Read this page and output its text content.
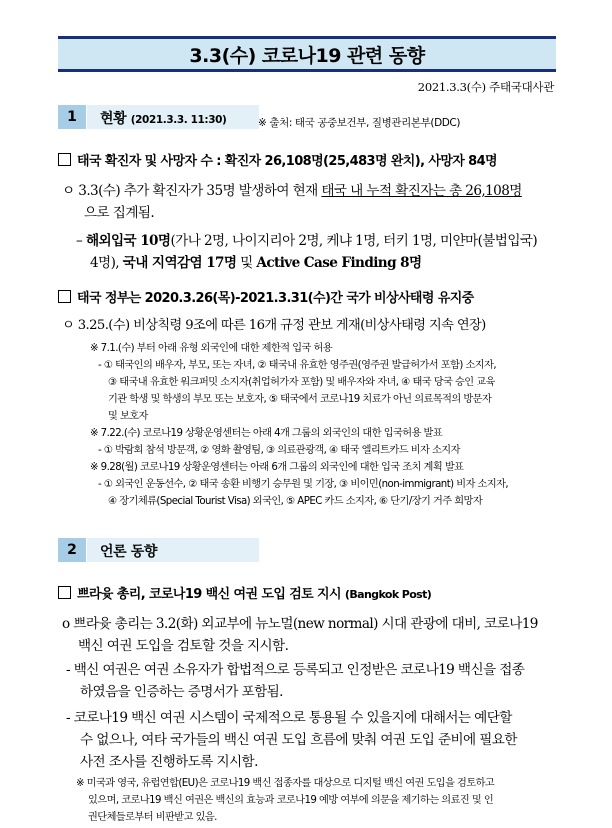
3.3(수) 코로나19 관련 동향
2021.3.3(수) 주태국대사관
1	현황 (2021.3.3. 11:30)	※ 출처: 태국 공중보건부, 질병관리본부(DDC)
태국 확진자 및 사망자 수 : 확진자 26,108명(25,483명 완치), 사망자 84명
ㅇ 3.3(수) 추가 확진자가 35명 발생하여 현재 태국 내 누적 확진자는 총 26,108명
으로 집계됨.
– 해외입국 10명(가나 2명, 나이지리아 2명, 케냐 1명, 터키 1명, 미얀마(불법입국)
4명), 국내 지역감염 17명 및 Active Case Finding 8명
태국 정부는 2020.3.26(목)-2021.3.31(수)간 국가 비상사태령 유지중
ㅇ 3.25.(수) 비상칙령 9조에 따른 16개 규정 관보 게재(비상사태령 지속 연장)
※ 7.1.(수) 부터 아래 유형 외국인에 대한 제한적 입국 허용
- ① 태국인의 배우자, 부모, 또는 자녀, ② 태국내 유효한 영주권(영주권 발급허가서 포함) 소지자,
③ 태국내 유효한 워크퍼밋 소지자(취업허가자 포함) 및 배우자와 자녀, ④ 태국 당국 승인 교육
기관 학생 및 학생의 부모 또는 보호자, ⑤ 태국에서 코로나19 치료가 아닌 의료목적의 방문자
및 보호자
※ 7.22.(수) 코로나19 상황운영센터는 아래 4개 그룹의 외국인의 대한 입국허용 발표
- ① 박람회 참석 방문객, ② 영화 촬영팀, ③ 의료관광객, ④ 태국 엘리트카드 비자 소지자
※ 9.28(월) 코로나19 상황운영센터는 아래 6개 그룹의 외국인에 대한 입국 조치 계획 발표
- ① 외국인 운동선수, ② 태국 송환 비행기 승무원 및 기장, ③ 비이민(non-immigrant) 비자 소지자,
④ 장기체류(Special Tourist Visa) 외국인, ⑤ APEC 카드 소지자, ⑥ 단기/장기 거주 희망자
2	언론 동향
쁘라윳 총리, 코로나19 백신 여권 도입 검토 지시 (Bangkok Post)
o 쁘라윳 총리는 3.2(화) 외교부에 뉴노멀(new normal) 시대 관광에 대비, 코로나19
백신 여권 도입을 검토할 것을 지시함.
- 백신 여권은 여권 소유자가 합법적으로 등록되고 인정받은 코로나19 백신을 접종
하였음을 인증하는 증명서가 포함됨.
- 코로나19 백신 여권 시스템이 국제적으로 통용될 수 있을지에 대해서는 예단할
수 없으나, 여타 국가들의 백신 여권 도입 흐름에 맞춰 여권 도입 준비에 필요한
사전 조사를 진행하도록 지시함.
※ 미국과 영국, 유럽연합(EU)은 코로나19 백신 접종자를 대상으로 디지털 백신 여권 도입을 검토하고
있으며, 코로나19 백신 여권은 백신의 효능과 코로나19 예방 여부에 의문을 제기하는 의료진 및 인
권단체들로부터 비판받고 있음.
